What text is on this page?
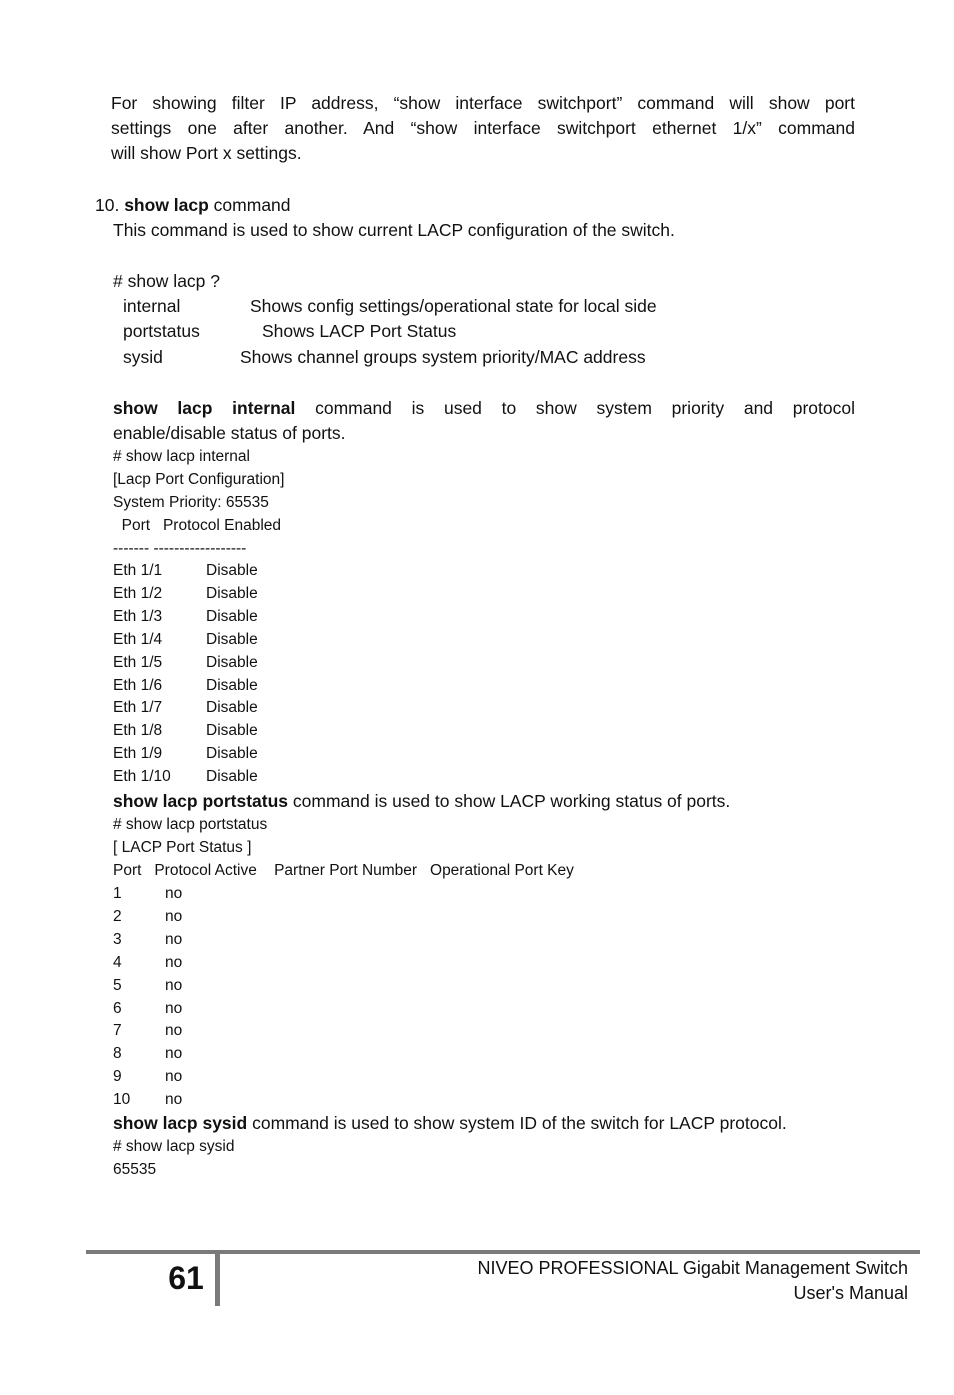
For showing filter IP address, “show interface switchport” command will show port
settings one after another. And “show interface switchport ethernet 1/x” command
will show Port x settings.
10. show lacp command
This command is used to show current LACP configuration of the switch.
# show lacp ?
internal	Shows config settings/operational state for local side
portstatus	Shows LACP Port Status
sysid	Shows channel groups system priority/MAC address
show lacp internal command is used to show system priority and protocol
enable/disable status of ports.
# show lacp internal
[Lacp Port Configuration]
System Priority: 65535
Port   Protocol Enabled
------- ------------------
Eth 1/1	Disable
Eth 1/2	Disable
Eth 1/3	Disable
Eth 1/4	Disable
Eth 1/5	Disable
Eth 1/6	Disable
Eth 1/7	Disable
Eth 1/8	Disable
Eth 1/9	Disable
Eth 1/10 Disable
show lacp portstatus command is used to show LACP working status of ports.
# show lacp portstatus
[ LACP Port Status ]
Port   Protocol Active    Partner Port Number   Operational Port Key
1	no
2	no
3	no
4	no
5	no
6	no
7	no
8	no
9	no
10 no
show lacp sysid command is used to show system ID of the switch for LACP protocol.
# show lacp sysid
65535
61	NIVEO PROFESSIONAL Gigabit Management Switch
User's Manual
